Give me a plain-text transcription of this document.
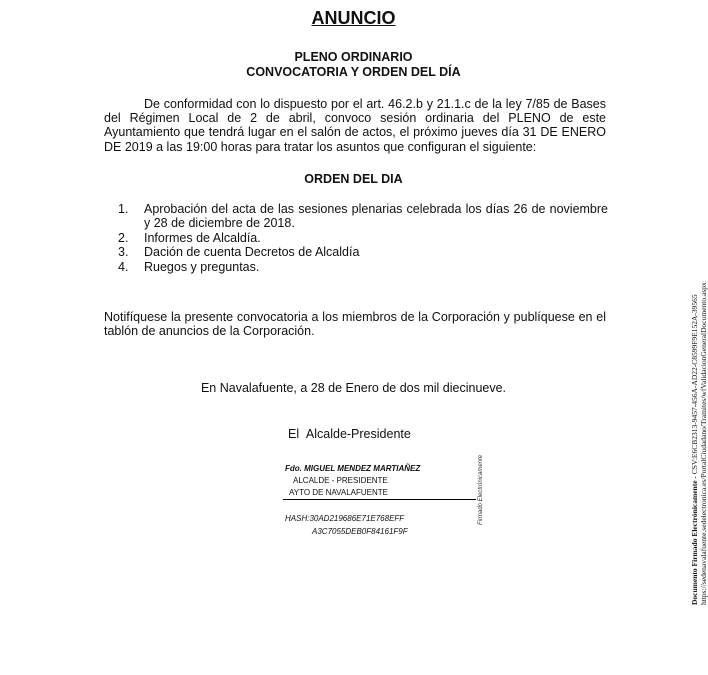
ANUNCIO
PLENO ORDINARIO
CONVOCATORIA Y ORDEN DEL DÍA

De conformidad con lo dispuesto por el art. 46.2.b y 21.1.c de la ley 7/85 de Bases del Régimen Local de 2 de abril, convoco sesión ordinaria del PLENO de este Ayuntamiento que tendrá lugar en el salón de actos, el próximo jueves día 31 DE ENERO DE 2019 a las 19:00 horas para tratar los asuntos que configuran el siguiente:

ORDEN DEL DIA
1.	Aprobación del acta de las sesiones plenarias celebrada los días 26 de noviembre y 28 de diciembre de 2018.
2.	Informes de Alcaldía.
3.	Dación de cuenta Decretos de Alcaldía
4.	Ruegos y preguntas.

Notifíquese la presente convocatoria a los miembros de la Corporación y publíquese en el tablón de anuncios de la Corporación.

En Navalafuente, a 28 de Enero de dos mil diecinueve.
El Alcalde-Presidente
Fdo. MIGUEL MENDEZ MARTIAÑEZ
ALCALDE - PRESIDENTE
AYTO DE NAVALAFUENTE
HASH:30AD219686E71E768EFF
A3C7055DEB0F84161F9F
Firmado Electrónicamente	Documento Firmado Electrónicamente - CSV:E6CB2313-9457-456A-AD22-C8599F9E152A-39565 https://sedenavalafuente.sedelectronica.es/PortalCiudadano/Tramites/wfValidacionGeneralDocumento.aspx
